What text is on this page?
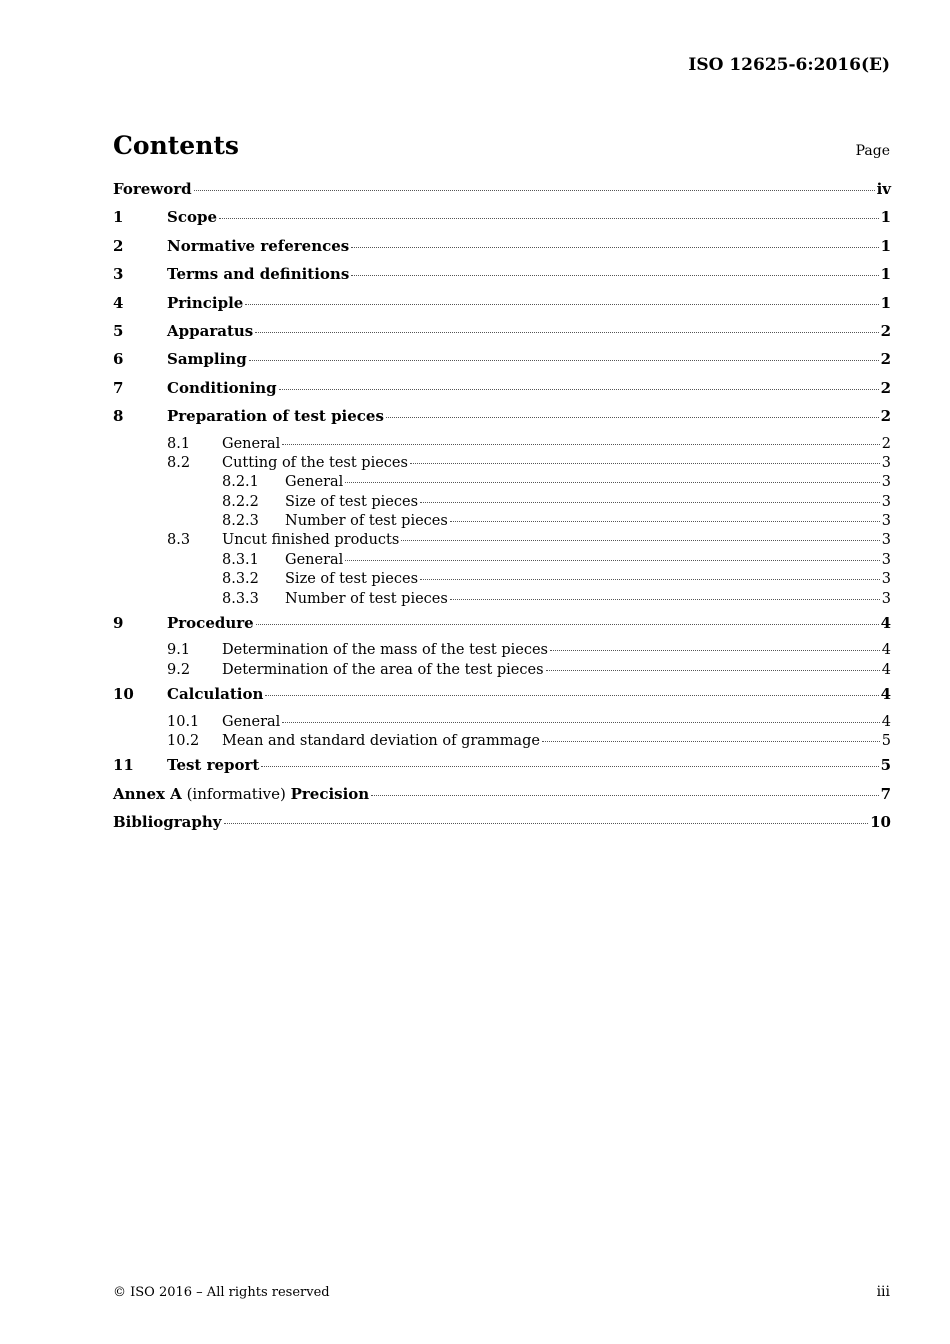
ISO 12625-6:2016(E)
Contents	Page
Foreword	iv
1	Scope	1
2	Normative references	1
3	Terms and definitions	1
4	Principle	1
5	Apparatus	2
6	Sampling	2
7	Conditioning	2
8	Preparation of test pieces	2
8.1 General	2
8.2 Cutting of the test pieces	3
8.2.1 General	3
8.2.2 Size of test pieces	3
8.2.3 Number of test pieces	3
8.3 Uncut finished products	3
8.3.1 General	3
8.3.2 Size of test pieces	3
8.3.3 Number of test pieces	3
9	Procedure	4
9.1 Determination of the mass of the test pieces	4
9.2 Determination of the area of the test pieces	4
10 Calculation	4
10.1 General	4
10.2 Mean and standard deviation of grammage	5
11 Test report	5
Annex A (informative) Precision	7
Bibliography	10
© ISO 2016 – All rights reserved	iii
